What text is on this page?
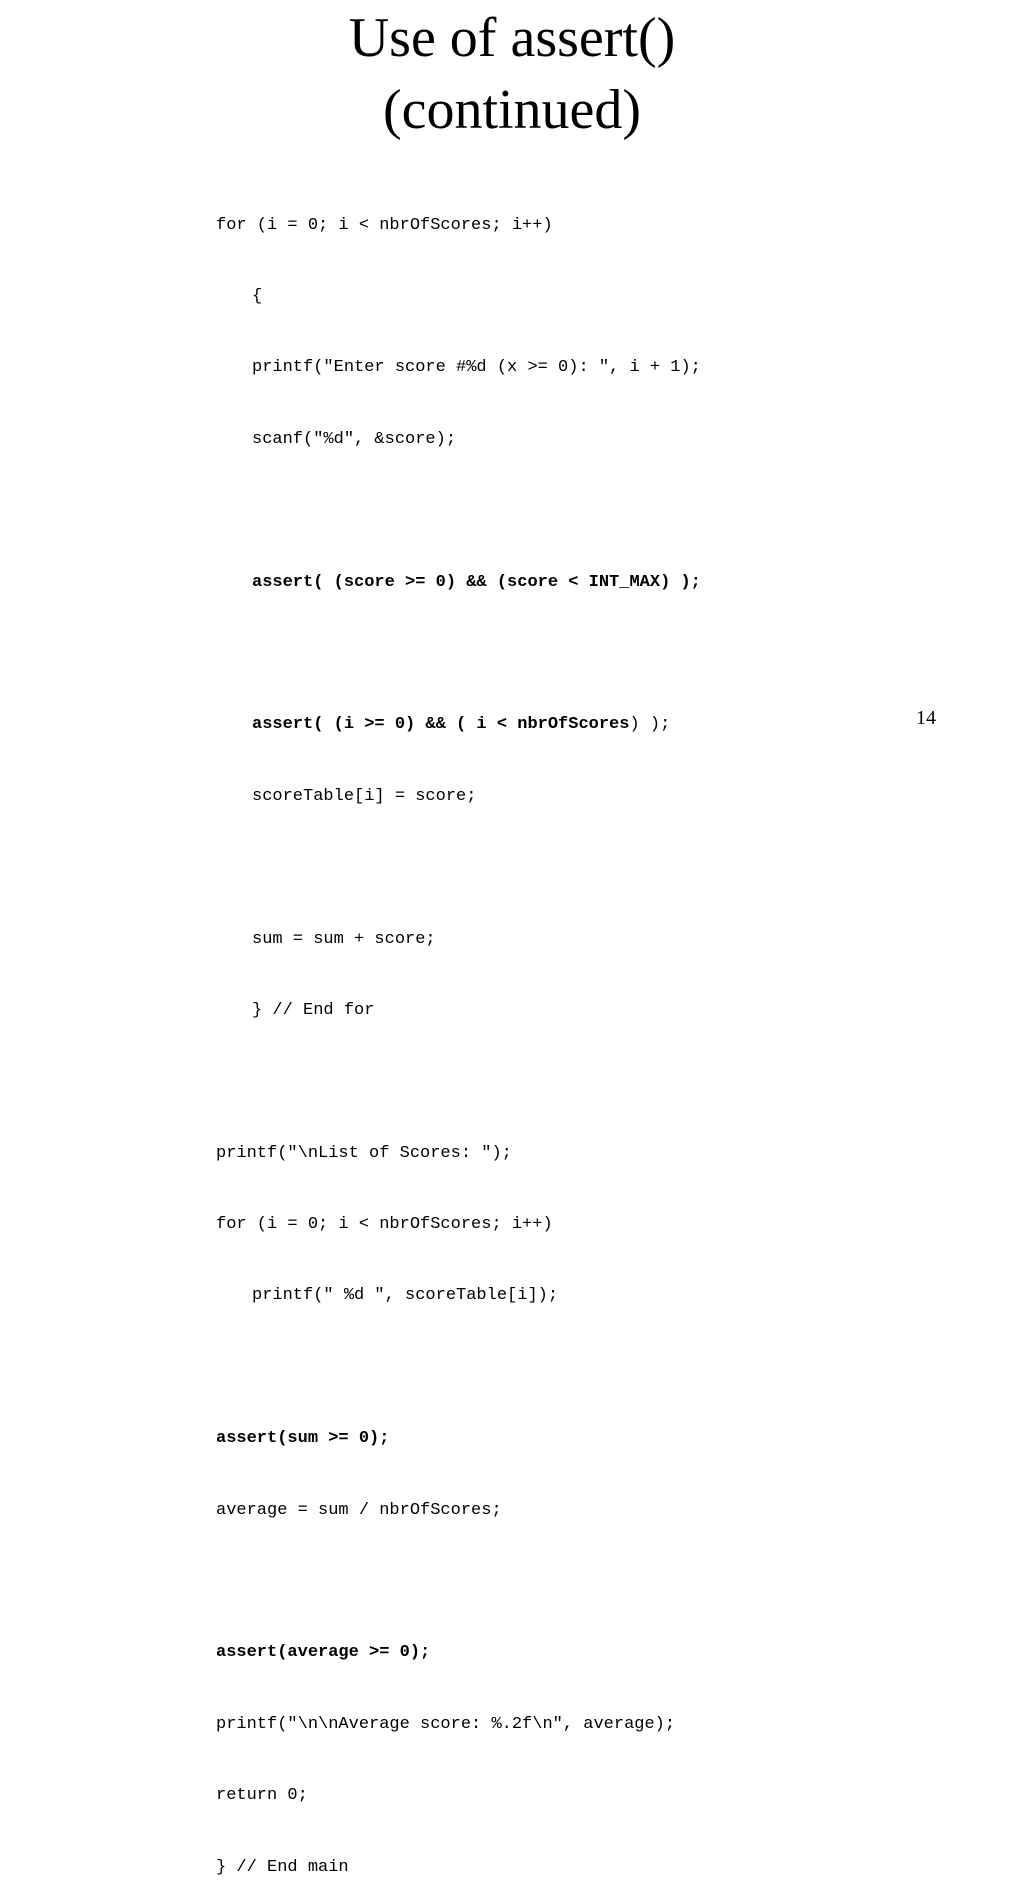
Use of assert()
(continued)

for (i = 0; i < nbrOfScores; i++)

{

printf("Enter score #%d (x >= 0): ", i + 1);

scanf("%d", &score);

assert( (score >= 0) && (score < INT_MAX) );

assert( (i >= 0) && ( i < nbrOfScores) );

scoreTable[i] = score;

sum = sum + score;

} // End for

printf("\nList of Scores: ");

for (i = 0; i < nbrOfScores; i++)

printf(" %d ", scoreTable[i]);

assert(sum >= 0);

average = sum / nbrOfScores;

assert(average >= 0);

printf("\n\nAverage score: %.2f\n", average);

return 0;

} // End main

14
